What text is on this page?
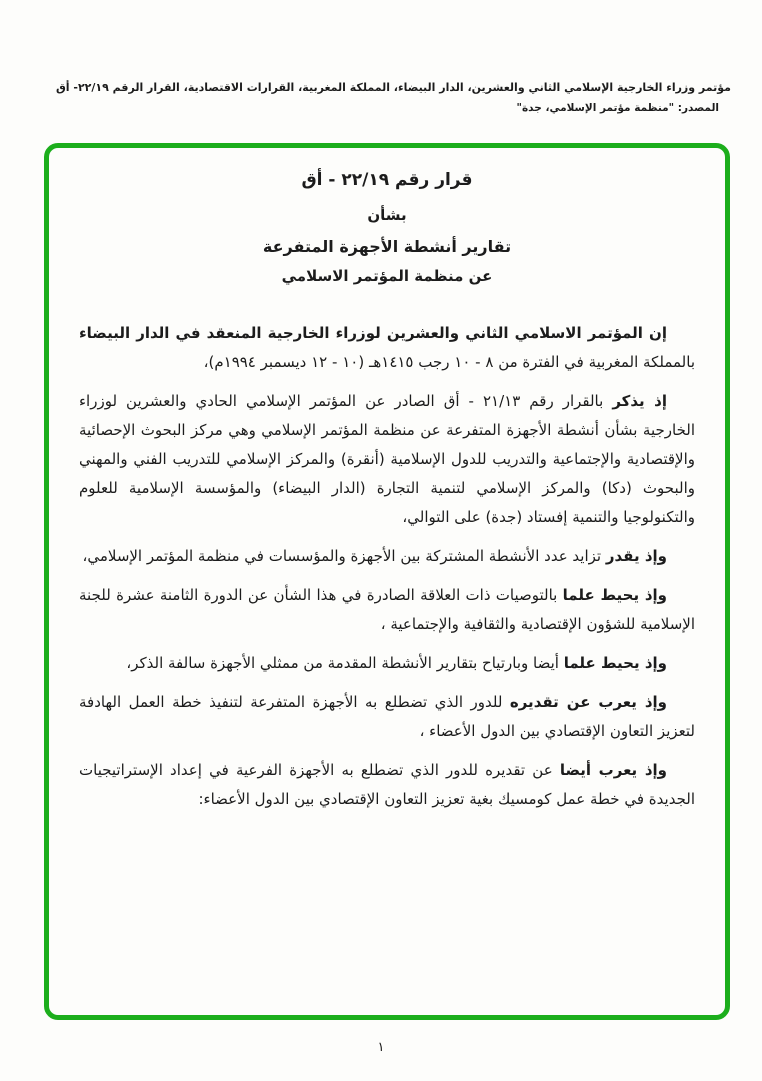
مؤتمر وزراء الخارجية الإسلامي الثاني والعشرين، الدار البيضاء، المملكة المغربية، القرارات الاقتصادية، القرار الرقم ٢٢/١٩- أق
المصدر: "منظمة مؤتمر الإسلامي، جدة"
قرار رقم ٢٢/١٩ - أق
بشأن
تقارير أنشطة الأجهزة المتفرعة
عن منظمة المؤتمر الاسلامي

إن المؤتمر الاسلامي الثاني والعشرين لوزراء الخارجية المنعقد في الدار البيضاء بالمملكة المغربية في الفترة من ٨ - ١٠ رجب ١٤١٥هـ (١٠ - ١٢ ديسمبر ١٩٩٤م)،

إذ يذكر بالقرار رقم ٢١/١٣ - أق الصادر عن المؤتمر الإسلامي الحادي والعشرين لوزراء الخارجية بشأن أنشطة الأجهزة المتفرعة عن منظمة المؤتمر الإسلامي وهي مركز البحوث الإحصائية والإقتصادية والإجتماعية والتدريب للدول الإسلامية (أنقرة) والمركز الإسلامي للتدريب الفني والمهني والبحوث (دكا) والمركز الإسلامي لتنمية التجارة (الدار البيضاء) والمؤسسة الإسلامية للعلوم والتكنولوجيا والتنمية إفستاد (جدة) على التوالي،

وإذ يقدر تزايد عدد الأنشطة المشتركة بين الأجهزة والمؤسسات في منظمة المؤتمر الإسلامي،

وإذ يحيط علما بالتوصيات ذات العلاقة الصادرة في هذا الشأن عن الدورة الثامنة عشرة للجنة الإسلامية للشؤون الإقتصادية والثقافية والإجتماعية ،

وإذ يحيط علما أيضا وبارتياح بتقارير الأنشطة المقدمة من ممثلي الأجهزة سالفة الذكر،

وإذ يعرب عن تقديره للدور الذي تضطلع به الأجهزة المتفرعة لتنفيذ خطة العمل الهادفة لتعزيز التعاون الإقتصادي بين الدول الأعضاء ،

وإذ يعرب أيضا عن تقديره للدور الذي تضطلع به الأجهزة الفرعية في إعداد الإستراتيجيات الجديدة في خطة عمل كومسيك بغية تعزيز التعاون الإقتصادي بين الدول الأعضاء:

١
